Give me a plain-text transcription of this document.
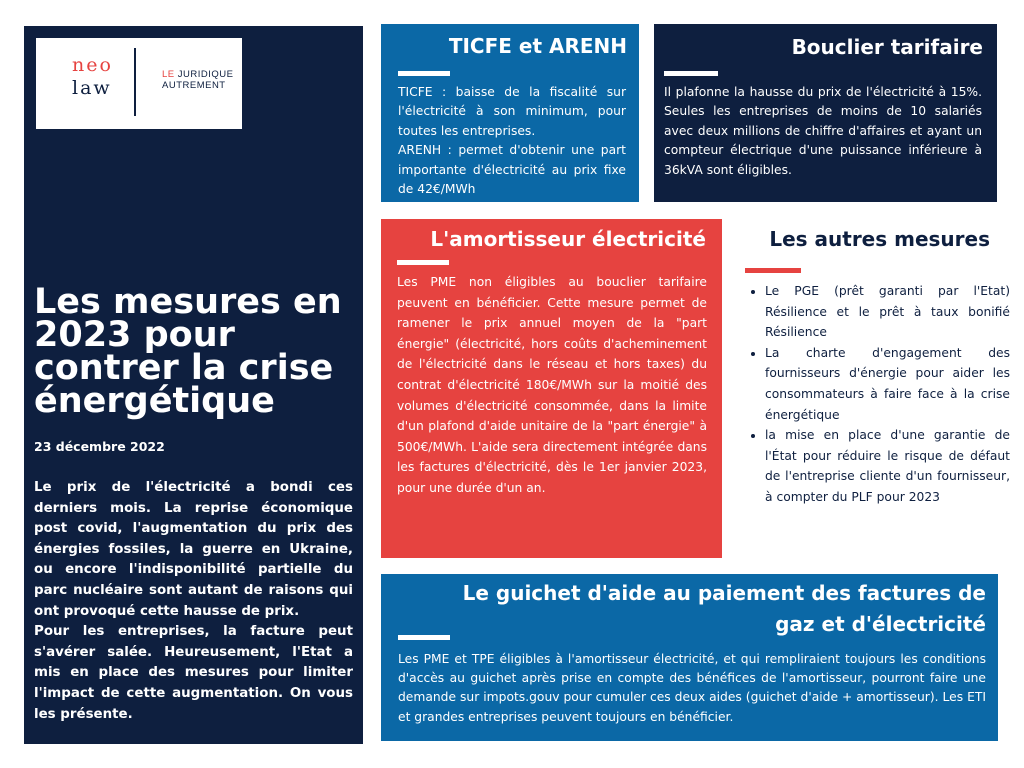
neo
law
LE JURIDIQUE
AUTREMENT
Les mesures en 2023 pour contrer la crise énergétique
23 décembre 2022

Le prix de l'électricité a bondi ces derniers mois. La reprise économique post covid, l'augmentation du prix des énergies fossiles, la guerre en Ukraine, ou encore l'indisponibilité partielle du parc nucléaire sont autant de raisons qui ont provoqué cette hausse de prix.

Pour les entreprises, la facture peut s'avérer salée. Heureusement, l'Etat a mis en place des mesures pour limiter l'impact de cette augmentation. On vous les présente.

TICFE et ARENH
TICFE : baisse de la fiscalité sur l'électricité à son minimum, pour toutes les entreprises.
ARENH : permet d'obtenir une part importante d'électricité au prix fixe de 42€/MWh
Bouclier tarifaire
Il plafonne la hausse du prix de l'électricité à 15%. Seules les entreprises de moins de 10 salariés avec deux millions de chiffre d'affaires et ayant un compteur électrique d'une puissance inférieure à 36kVA sont éligibles.
L'amortisseur électricité
Les PME non éligibles au bouclier tarifaire peuvent en bénéficier. Cette mesure permet de ramener le prix annuel moyen de la "part énergie" (électricité, hors coûts d'acheminement de l'électricité dans le réseau et hors taxes) du contrat d'électricité 180€/MWh sur la moitié des volumes d'électricité consommée, dans la limite d'un plafond d'aide unitaire de la "part énergie" à 500€/MWh. L'aide sera directement intégrée dans les factures d'électricité, dès le 1er janvier 2023, pour une durée d'un an.
Les autres mesures
• Le PGE (prêt garanti par l'Etat) Résilience et le prêt à taux bonifié Résilience
• La charte d'engagement des fournisseurs d'énergie pour aider les consommateurs à faire face à la crise énergétique
• la mise en place d'une garantie de l'État pour réduire le risque de défaut de l'entreprise cliente d'un fournisseur, à compter du PLF pour 2023
Le guichet d'aide au paiement des factures de gaz et d'électricité
Les PME et TPE éligibles à l'amortisseur électricité, et qui rempliraient toujours les conditions d'accès au guichet après prise en compte des bénéfices de l'amortisseur, pourront faire une demande sur impots.gouv pour cumuler ces deux aides (guichet d'aide + amortisseur). Les ETI et grandes entreprises peuvent toujours en bénéficier.
